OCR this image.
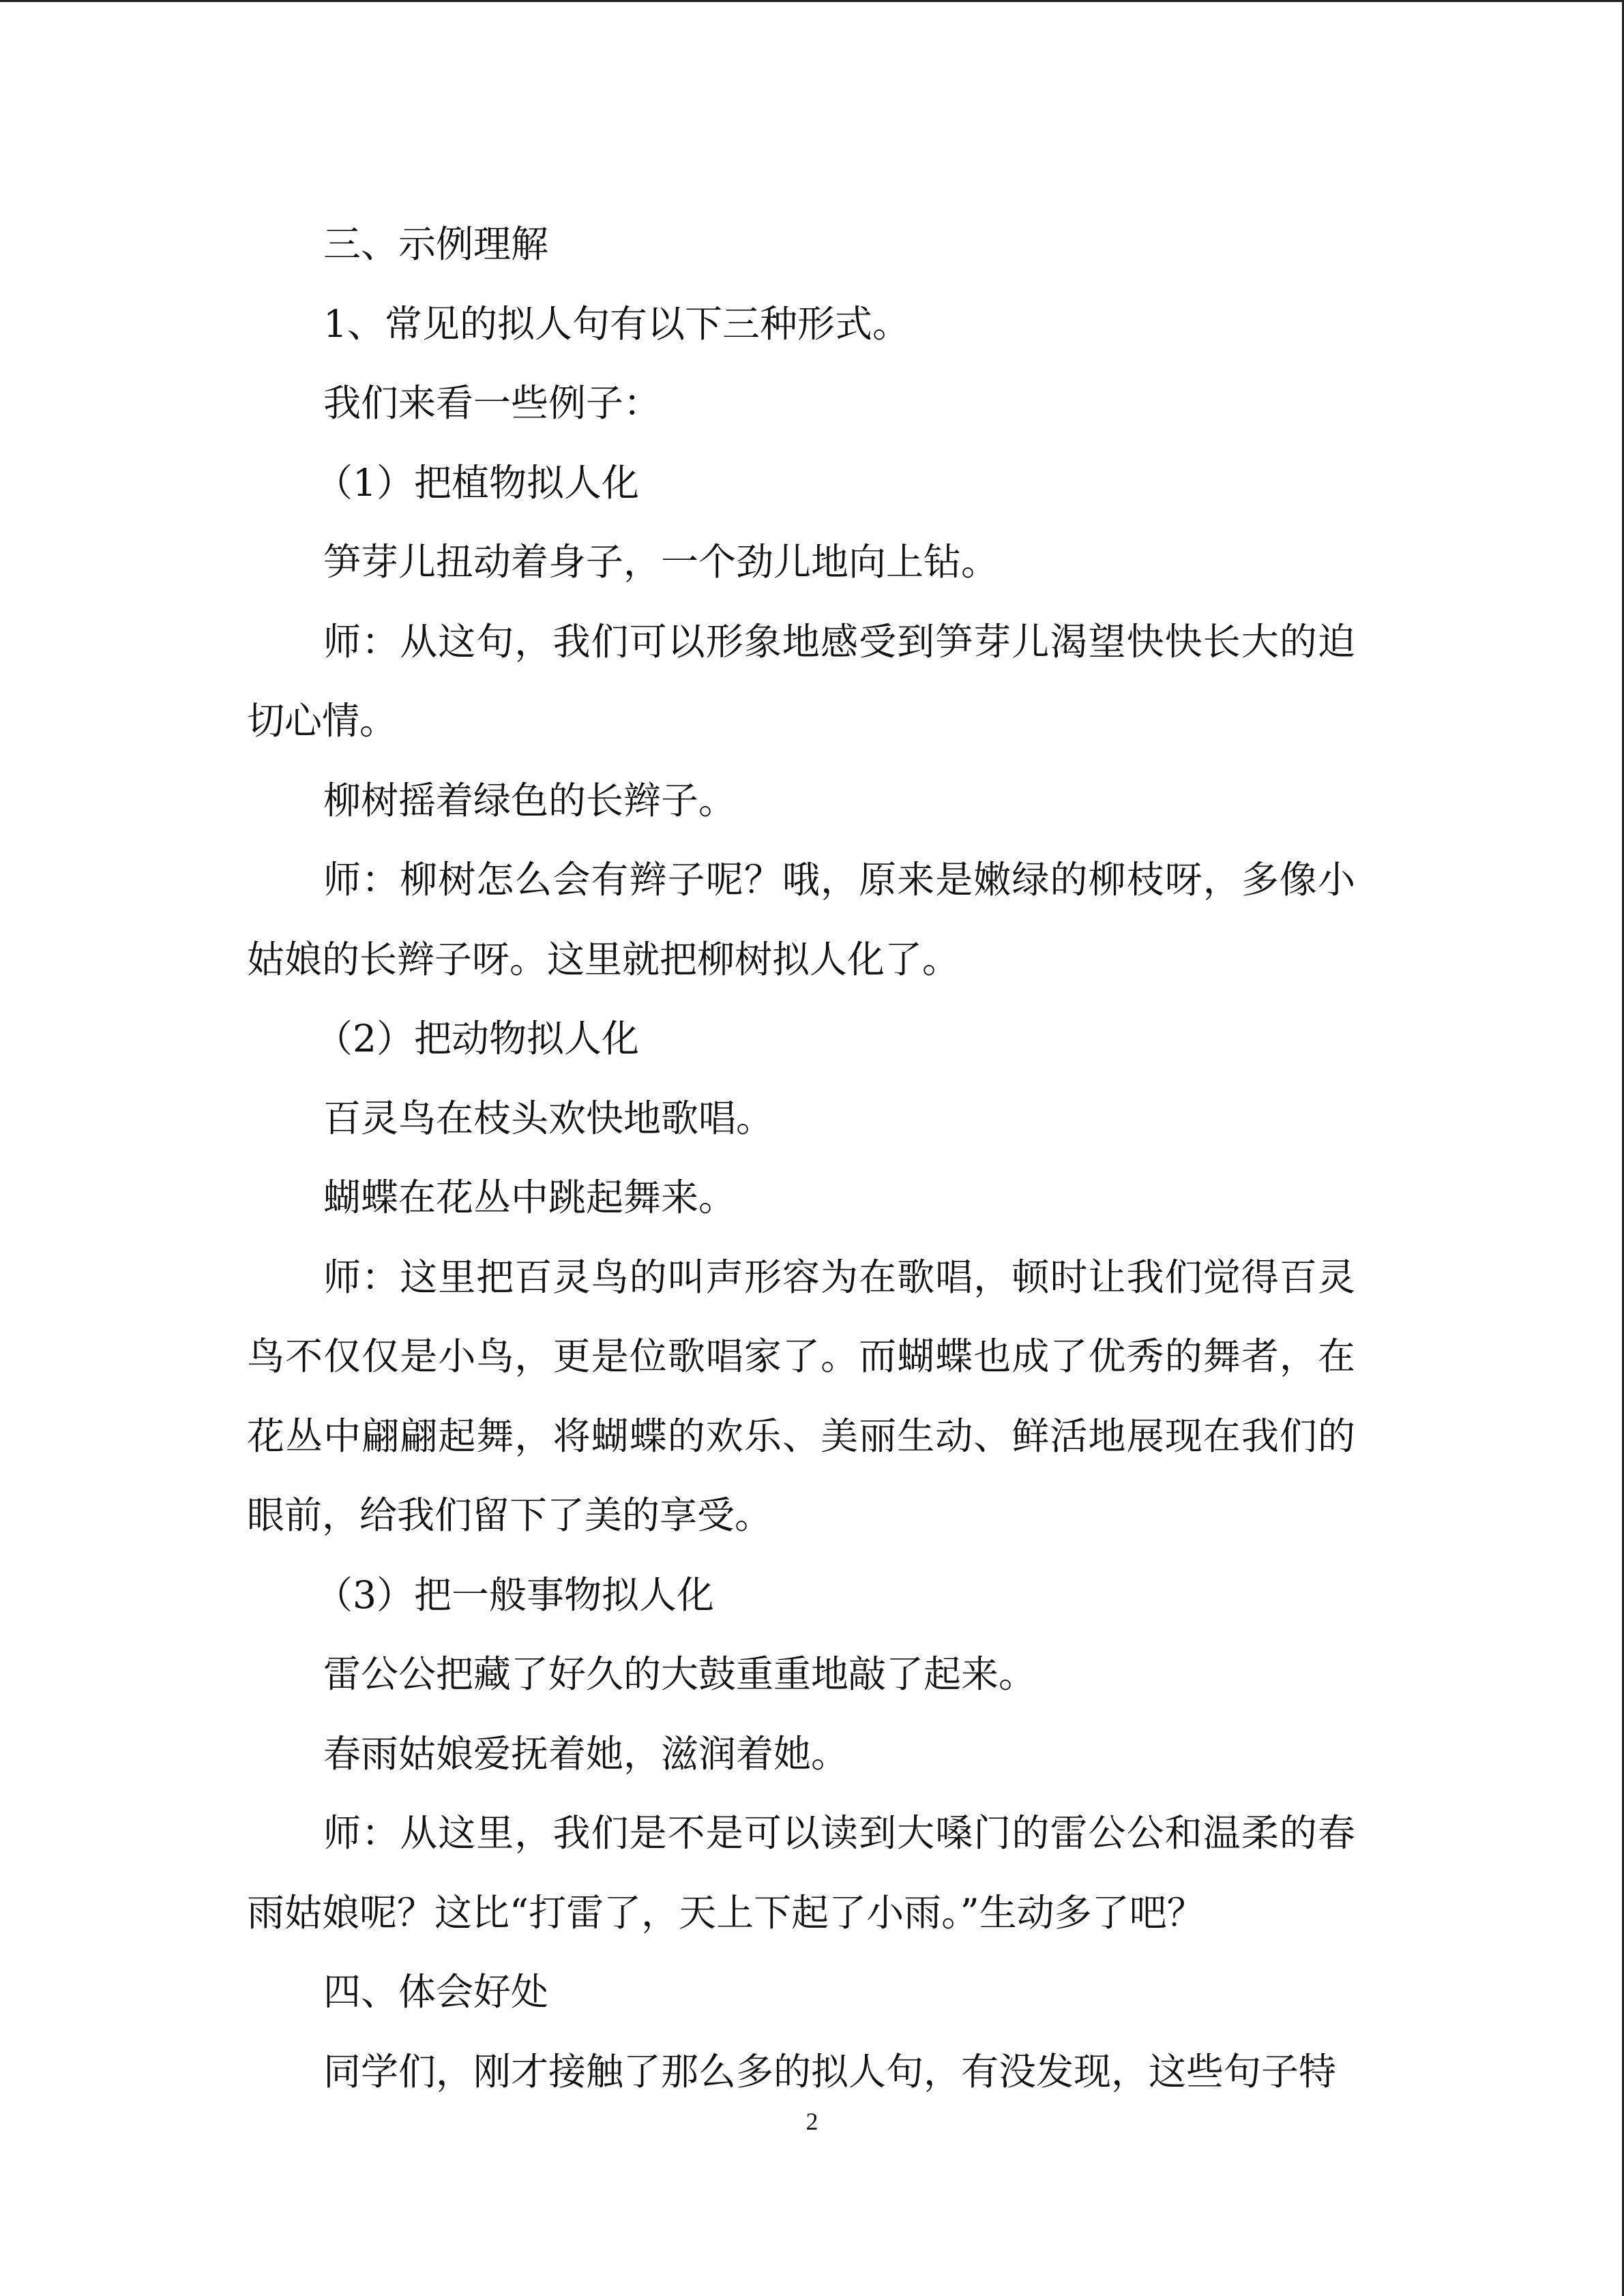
三、示例理解

1、常见的拟人句有以下三种形式。

我们来看一些例子：

（1）把植物拟人化

笋芽儿扭动着身子，一个劲儿地向上钻。

师：从这句，我们可以形象地感受到笋芽儿渴望快快长大的迫切心情。

柳树摇着绿色的长辫子。

师：柳树怎么会有辫子呢？哦，原来是嫩绿的柳枝呀，多像小姑娘的长辫子呀。这里就把柳树拟人化了。

（2）把动物拟人化

百灵鸟在枝头欢快地歌唱。

蝴蝶在花丛中跳起舞来。

师：这里把百灵鸟的叫声形容为在歌唱，顿时让我们觉得百灵鸟不仅仅是小鸟，更是位歌唱家了。而蝴蝶也成了优秀的舞者，在花丛中翩翩起舞，将蝴蝶的欢乐、美丽生动、鲜活地展现在我们的眼前，给我们留下了美的享受。

（3）把一般事物拟人化

雷公公把藏了好久的大鼓重重地敲了起来。

春雨姑娘爱抚着她，滋润着她。

师：从这里，我们是不是可以读到大嗓门的雷公公和温柔的春雨姑娘呢？这比“打雷了，天上下起了小雨。”生动多了吧？

四、体会好处

同学们，刚才接触了那么多的拟人句，有没发现，这些句子特

2
